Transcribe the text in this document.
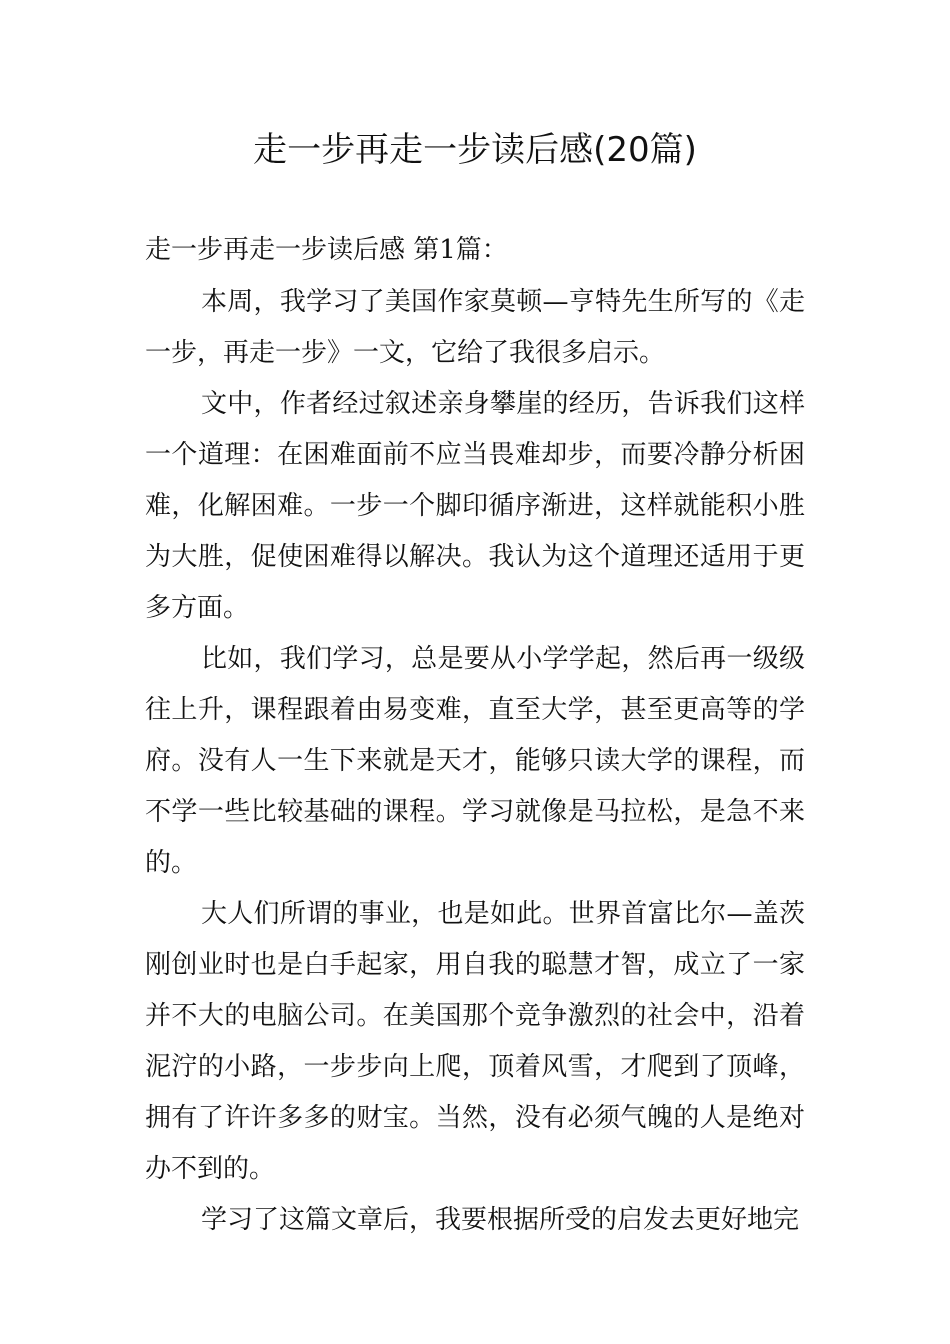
走一步再走一步读后感(20篇)

走一步再走一步读后感 第1篇：

本周，我学习了美国作家莫顿—亨特先生所写的《走一步，再走一步》一文，它给了我很多启示。

文中，作者经过叙述亲身攀崖的经历，告诉我们这样一个道理：在困难面前不应当畏难却步，而要冷静分析困难，化解困难。一步一个脚印循序渐进，这样就能积小胜为大胜，促使困难得以解决。我认为这个道理还适用于更多方面。

比如，我们学习，总是要从小学学起，然后再一级级往上升，课程跟着由易变难，直至大学，甚至更高等的学府。没有人一生下来就是天才，能够只读大学的课程，而不学一些比较基础的课程。学习就像是马拉松，是急不来的。

大人们所谓的事业，也是如此。世界首富比尔—盖茨刚创业时也是白手起家，用自我的聪慧才智，成立了一家并不大的电脑公司。在美国那个竞争激烈的社会中，沿着泥泞的小路，一步步向上爬，顶着风雪，才爬到了顶峰，拥有了许许多多的财宝。当然，没有必须气魄的人是绝对办不到的。

学习了这篇文章后，我要根据所受的启发去更好地完
